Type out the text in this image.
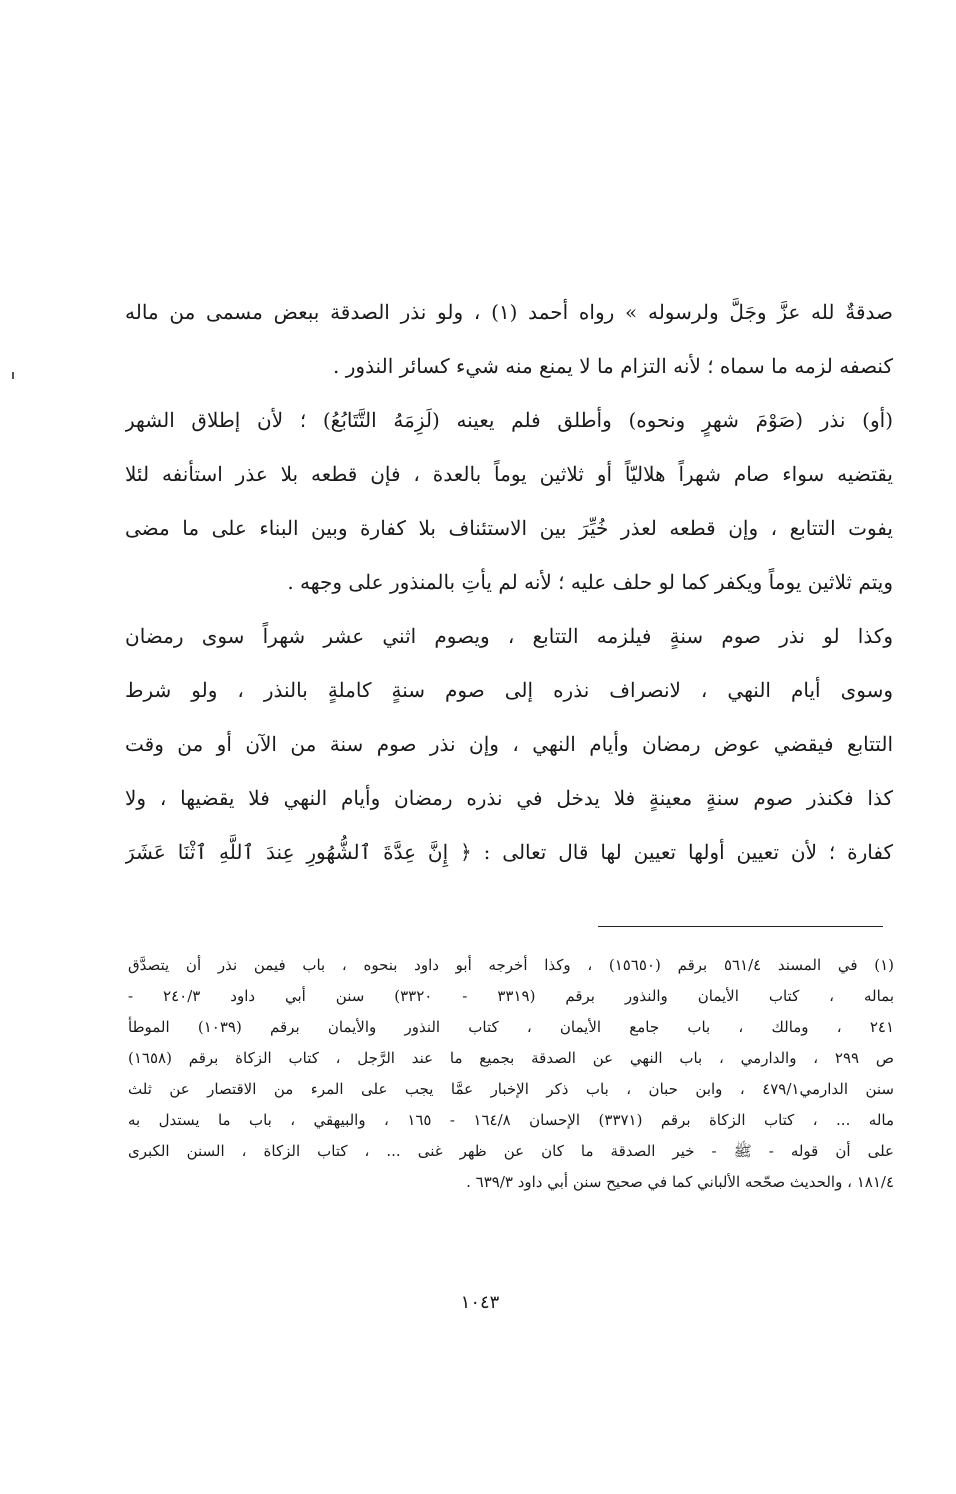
صدقةٌ لله عزَّ وجَلَّ ولرسوله » رواه أحمد (١) ، ولو نذر الصدقة ببعض مسمى من ماله
كنصفه لزمه ما سماه ؛ لأنه التزام ما لا يمنع منه شيء كسائر النذور .
(أو) نذر (صَوْمَ شهرٍ ونحوه) وأطلق فلم يعينه (لَزِمَهُ التَّتَابُعُ) ؛ لأن إطلاق الشهر
يقتضيه سواء صام شهراً هلاليّاً أو ثلاثين يوماً بالعدة ، فإن قطعه بلا عذر استأنفه لئلا
يفوت التتابع ، وإن قطعه لعذر خُيِّرَ بين الاستئناف بلا كفارة وبين البناء على ما مضى
ويتم ثلاثين يوماً ويكفر كما لو حلف عليه ؛ لأنه لم يأتِ بالمنذور على وجهه .
وكذا لو نذر صوم سنةٍ فيلزمه التتابع ، ويصوم اثني عشر شهراً سوى رمضان
وسوى أيام النهي ، لانصراف نذره إلى صوم سنةٍ كاملةٍ بالنذر ، ولو شرط
التتابع فيقضي عوض رمضان وأيام النهي ، وإن نذر صوم سنة من الآن أو من وقت
كذا فكنذر صوم سنةٍ معينةٍ فلا يدخل في نذره رمضان وأيام النهي فلا يقضيها ، ولا
كفارة ؛ لأن تعيين أولها تعيين لها قال تعالى : ﴿ إِنَّ عِدَّةَ ٱلشُّهُورِ عِندَ ٱللَّهِ ٱثْنَا عَشَرَ
(١) في المسند ٥٦١/٤ برقم (١٥٦٥٠) ، وكذا أخرجه أبو داود بنحوه ، باب فيمن نذر أن يتصدَّق
بماله ، كتاب الأيمان والنذور برقم (٣٣١٩ - ٣٣٢٠) سنن أبي داود ٢٤٠/٣ -
٢٤١ ، ومالك ، باب جامع الأيمان ، كتاب النذور والأيمان برقم (١٠٣٩) الموطأ
ص ٢٩٩ ، والدارمي ، باب النهي عن الصدقة بجميع ما عند الرَّجل ، كتاب الزكاة برقم (١٦٥٨)
سنن الدارمي٤٧٩/١ ، وابن حبان ، باب ذكر الإخبار عمَّا يجب على المرء من الاقتصار عن ثلث
ماله ... ، كتاب الزكاة برقم (٣٣٧١) الإحسان ١٦٤/٨ - ١٦٥ ، والبيهقي ، باب ما يستدل به
على أن قوله - ﷺ - خير الصدقة ما كان عن ظهر غنى ... ، كتاب الزكاة ، السنن الكبرى
١٨١/٤ ، والحديث صحّحه الألباني كما في صحيح سنن أبي داود ٦٣٩/٣ .
١٠٤٣
